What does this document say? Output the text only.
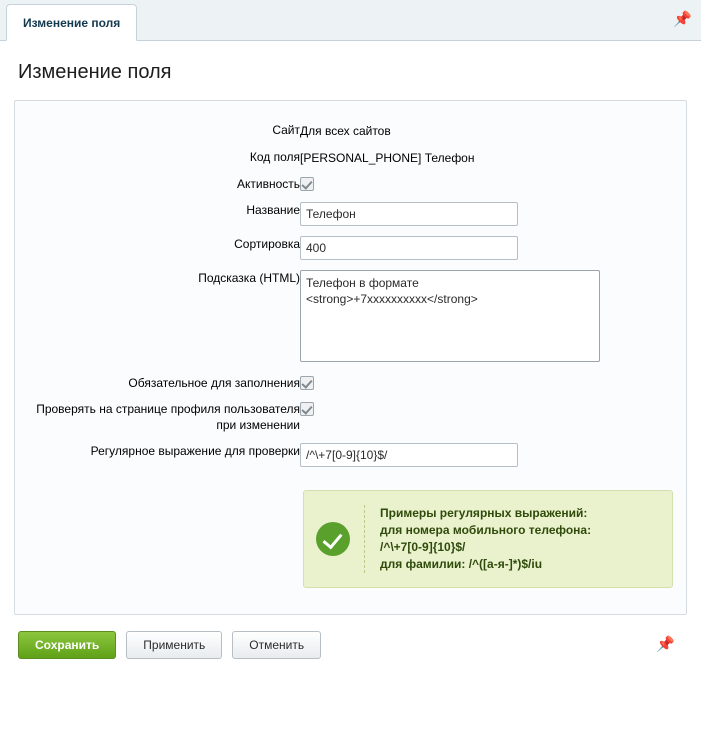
Изменение поля	📌
Изменение поля
Сайт	Для всех сайтов
Код поля	[PERSONAL_PHONE] Телефон
Активность	
Название	Телефон
Сортировка	400
Подсказка (HTML)	Телефон в формате <strong>+7xxxxxxxxxx</strong>
Обязательное для заполнения	
Проверять на странице профиля пользователя при изменении	
Регулярное выражение для проверки	/^\+7[0-9]{10}$/
Примеры регулярных выражений:
для номера мобильного телефона:
/^\+7[0-9]{10}$/
для фамилии: /^([a-я-]*)$/iu
Сохранить	Применить	Отменить	📌
